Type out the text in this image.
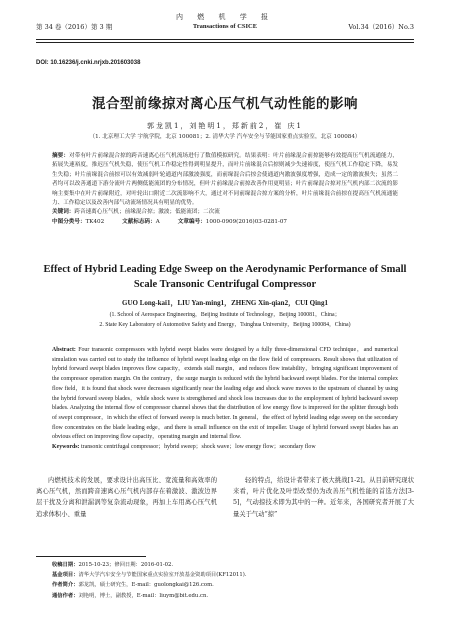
第 34 卷（2016）第 3 期
内 燃 机 学 报
Transactions of CSICE	Vol.34（2016）No.3
DOI: 10.16236/j.cnki.nrjxb.201603038
混合型前缘掠对离心压气机气动性能的影响
郭龙凯1，刘艳明1，郑新前2，崔 庆1
（1. 北京理工大学 宇航学院，北京 100081；2. 清华大学 汽车安全与节能国家重点实验室，北京 100084）
摘要：对带有叶片前缘混合掠的跨音速离心压气机流场进行了数值模拟研究。结果表明：叶片前缘混合前掠能够有效提高压气机流通能力，拓展失速裕度，推迟压气机失稳，使压气机工作稳定性得到明显提升，而叶片前缘混合后掠则减少失速裕度，使压气机工作稳定下降，易发生失稳；叶片前缘混合前掠可以有效减弱叶轮通道内部激波强度，而前缘混合后掠会使通道内激波强度增强，造成一定的激波损失；虽然二者均可以改善通道下游分流叶片两侧低能流团的分布情况，但叶片前缘混合前掠改善作用更明显；叶片前缘混合掠对压气机内部二次流的影响主要集中在叶片前缘附近，对叶轮出口附近二次流影响不大，通过对不同前缘混合掠方案的分析，叶片前缘混合前掠在提高压气机流通能力、工作稳定以及改善内部气动流场情况具有明显的优势。
关键词：跨音速离心压气机；前缘混合掠；激波；低能流团；二次流
中图分类号：TK402	文献标志码：A	文章编号：1000-0909(2016)03-0281-07
Effect of Hybrid Leading Edge Sweep on the Aerodynamic Performance of Small Scale Transonic Centrifugal Compressor
GUO Long-kai1，LIU Yan-ming1，ZHENG Xin-qian2，CUI Qing1
(1. School of Aerospace Engineering，Beijing Institute of Technology，Beijing 100081，China；
2. State Key Laboratory of Automotive Safety and Energy，Tsinghua University，Beijing 100084，China)
Abstract: Four transonic compressors with hybrid swept blades were designed by a fully three-dimensional CFD technique，and numerical simulation was carried out to study the influence of hybrid swept leading edge on the flow field of compressors. Result shows that utilization of hybrid forward swept blades improves flow capacity，extends stall margin，and reduces flow instability，bringing significant improvement of the compressor operation margin. On the contrary，the surge margin is reduced with the hybrid backward swept blades. For the internal complex flow field，it is found that shock wave decreases significantly near the leading edge and shock wave moves to the upstream of channel by using the hybrid forward sweep blades，while shock wave is strengthened and shock loss increases due to the employment of hybrid backward sweep blades. Analyzing the internal flow of compressor channel shows that the distribution of low energy flow is improved for the splitter through both of swept compressor，in which the effect of forward sweep is much better. In general，the effect of hybrid leading edge sweep on the secondary flow concentrates on the blade leading edge，and there is small influence on the exit of impeller. Usage of hybrid forward swept blades has an obvious effect on improving flow capacity，operating margin and internal flow.
Keywords: transonic centrifugal compressor；hybrid sweep；shock wave；low energy flow；secondary flow
内燃机技术的发展，要求设计出高压比、宽流量和高效率的离心压气机，然而跨音速离心压气机内部存在着激波、激波边界层干扰及分离和泄漏涡等复杂流动现象，再加上车用离心压气机追求体积小、重量
轻的特点，给设计者带来了极大挑战[1-2]。从目前研究现状来看，叶片优化及叶型改型仍为改善压气机性能的首选方法[3-5]，气动掠技术即为其中的一种。近年来，各国研究者开展了大量关于气动“掠”
收稿日期：2015-10-23；修回日期：2016-01-02.
基金项目：清华大学汽车安全与节能国家重点实验室开放基金资助项目(KF12011).
作者简介：郭龙凯，硕士研究生，E-mail：guolongkai@126.com.
通信作者：刘艳明，博士，副教授，E-mail：liuym@bit.edu.cn.
